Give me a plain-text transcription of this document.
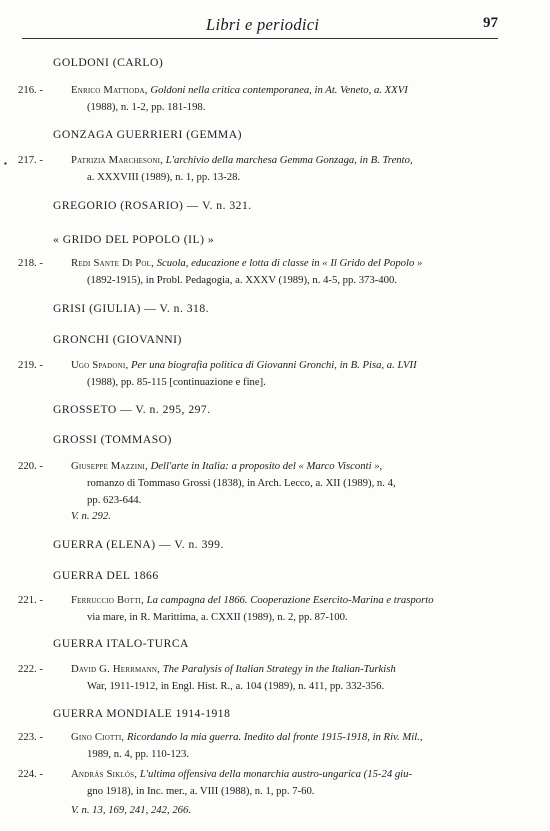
Libri e periodici	97
GOLDONI (CARLO)
216. -	Enrico Mattioda, Goldoni nella critica contemporanea, in At. Veneto, a. XXVI
(1988), n. 1-2, pp. 181-198.
GONZAGA GUERRIERI (GEMMA)
217. -	Patrizia Marchesoni, L'archivio della marchesa Gemma Gonzaga, in B. Trento,
a. XXXVIII (1989), n. 1, pp. 13-28.
▪
GREGORIO (ROSARIO) — V. n. 321.
« GRIDO DEL POPOLO (IL) »
218. -	Redi Sante Di Pol, Scuola, educazione e lotta di classe in « Il Grido del Popolo »
(1892-1915), in Probl. Pedagogia, a. XXXV (1989), n. 4-5, pp. 373-400.
GRISI (GIULIA) — V. n. 318.
GRONCHI (GIOVANNI)
219. -	Ugo Spadoni, Per una biografia politica di Giovanni Gronchi, in B. Pisa, a. LVII
(1988), pp. 85-115 [continuazione e fine].
GROSSETO — V. n. 295, 297.
GROSSI (TOMMASO)
220. -	Giuseppe Mazzini, Dell'arte in Italia: a proposito del « Marco Visconti »,
romanzo di Tommaso Grossi (1838), in Arch. Lecco, a. XII (1989), n. 4,
pp. 623-644.
V. n. 292.
GUERRA (ELENA) — V. n. 399.
GUERRA DEL 1866
221. -	Ferruccio Botti, La campagna del 1866. Cooperazione Esercito-Marina e trasporto
via mare, in R. Marittima, a. CXXII (1989), n. 2, pp. 87-100.
GUERRA ITALO-TURCA
222. -	David G. Herrmann, The Paralysis of Italian Strategy in the Italian-Turkish
War, 1911-1912, in Engl. Hist. R., a. 104 (1989), n. 411, pp. 332-356.
GUERRA MONDIALE 1914-1918
223. -	Gino Ciotti, Ricordando la mia guerra. Inedito dal fronte 1915-1918, in Riv. Mil.,
1989, n. 4, pp. 110-123.
224. -	András Siklós, L'ultima offensiva della monarchia austro-ungarica (15-24 giu-
gno 1918), in Inc. mer., a. VIII (1988), n. 1, pp. 7-60.
V. n. 13, 169, 241, 242, 266.
